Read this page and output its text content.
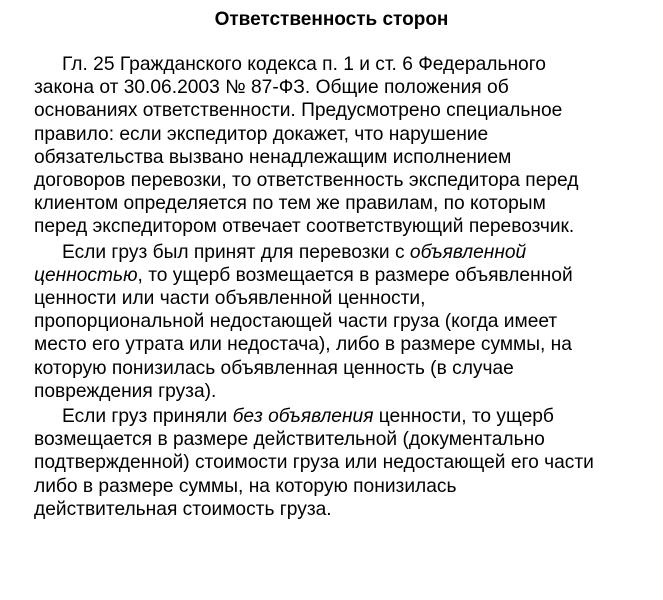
Ответственность сторон
Гл. 25 Гражданского кодекса п. 1 и ст. 6 Федерального
закона от 30.06.2003 № 87-ФЗ. Общие положения об
основаниях ответственности. Предусмотрено специальное
правило: если экспедитор докажет, что нарушение
обязательства вызвано ненадлежащим исполнением
договоров перевозки, то ответственность экспедитора перед
клиентом определяется по тем же правилам, по которым
перед экспедитором отвечает соответствующий перевозчик.
Если груз был принят для перевозки с объявленной
ценностью, то ущерб возмещается в размере объявленной
ценности или части объявленной ценности,
пропорциональной недостающей части груза (когда имеет
место его утрата или недостача), либо в размере суммы, на
которую понизилась объявленная ценность (в случае
повреждения груза).
Если груз приняли без объявления ценности, то ущерб
возмещается в размере действительной (документально
подтвержденной) стоимости груза или недостающей его части
либо в размере суммы, на которую понизилась
действительная стоимость груза.
